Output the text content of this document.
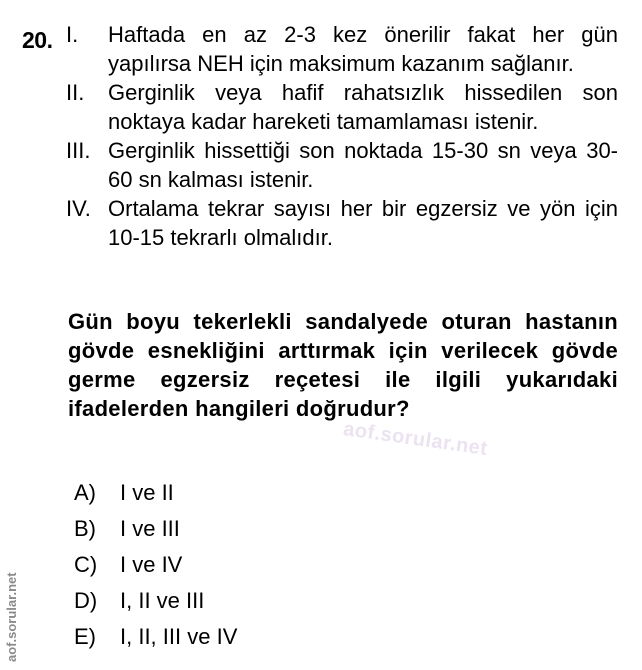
20. I.	Haftada en az 2-3 kez önerilir fakat her gün yapılırsa NEH için maksimum kazanım sağlanır.
II.	Gerginlik veya hafif rahatsızlık hissedilen son noktaya kadar hareketi tamamlaması istenir.
III. Gerginlik hissettiği son noktada 15-30 sn veya 30-60 sn kalması istenir.
IV. Ortalama tekrar sayısı her bir egzersiz ve yön için 10-15 tekrarlı olmalıdır.
Gün boyu tekerlekli sandalyede oturan hastanın gövde esnekliğini arttırmak için verilecek gövde germe egzersiz reçetesi ile ilgili yukarıdaki ifadelerden hangileri doğrudur?
aof.sorular.net
A)	I ve II
B)	I ve III
C)	I ve IV
D)	I, II ve III
E)	I, II, III ve IV
aof.sorular.net
